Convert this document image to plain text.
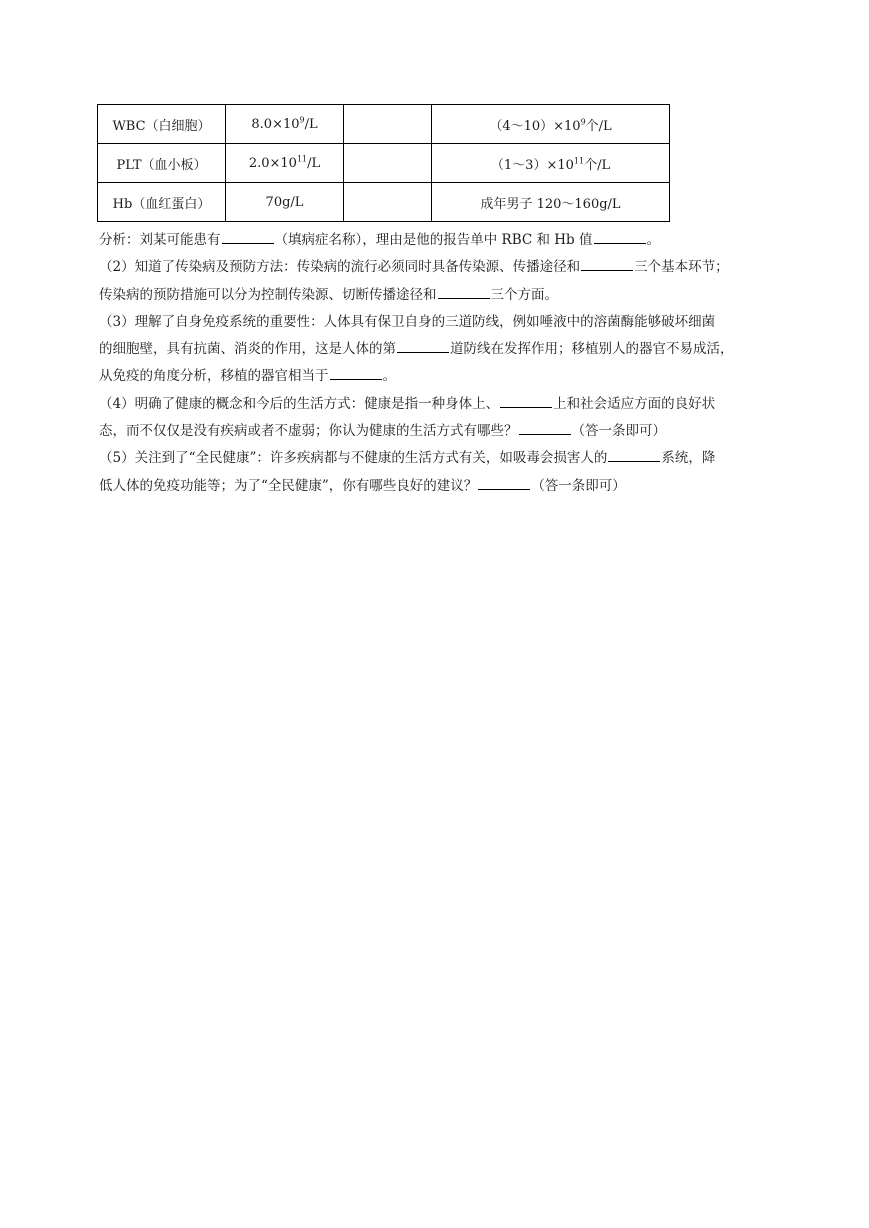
WBC（白细胞）	$8.0\times 10^9/L$		$(4\sim 10)\times 10^9$个/L
PLT（血小板）	$2.0\times 10^{11}/L$		$(1\sim 3)\times 10^{11}$个/L
Hb（血红蛋白）	70g/L		成年男子 120～160g/L
分析：刘某可能患有	（填病症名称），理由是他的报告单中 RBC 和 Hb 值	。
（2）知道了传染病及预防方法：传染病的流行必须同时具备传染源、传播途径和	三个基本环节；
传染病的预防措施可以分为控制传染源、切断传播途径和	三个方面。
（3）理解了自身免疫系统的重要性：人体具有保卫自身的三道防线，例如唾液中的溶菌酶能够破坏细菌
的细胞壁，具有抗菌、消炎的作用，这是人体的第	道防线在发挥作用；移植别人的器官不易成活，
从免疫的角度分析，移植的器官相当于	。
（4）明确了健康的概念和今后的生活方式：健康是指一种身体上、	上和社会适应方面的良好状
态，而不仅仅是没有疾病或者不虚弱；你认为健康的生活方式有哪些？	（答一条即可）
（5）关注到了“全民健康”：许多疾病都与不健康的生活方式有关，如吸毒会损害人的	系统，降
低人体的免疫功能等；为了“全民健康”，你有哪些良好的建议？	（答一条即可）
